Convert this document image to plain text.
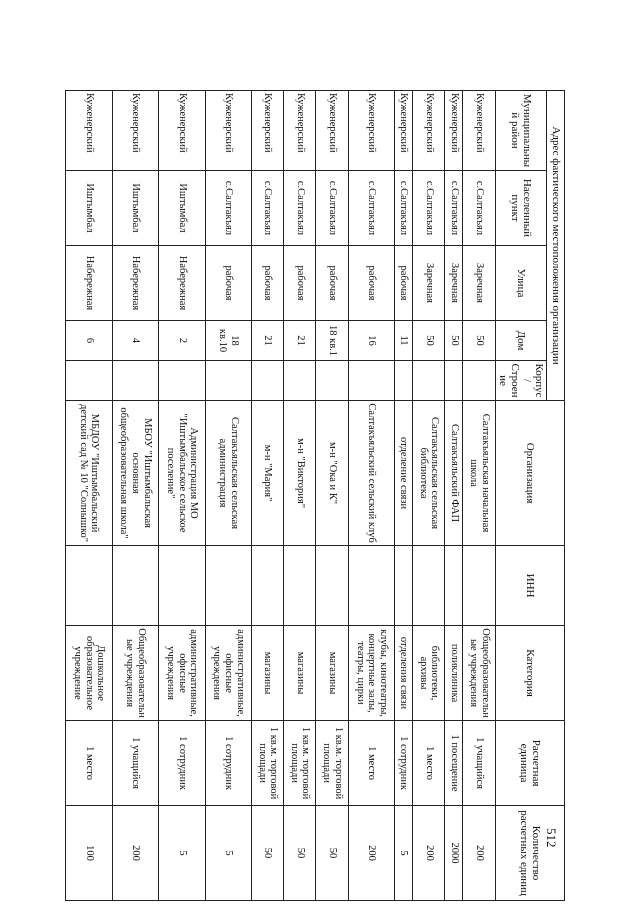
512
Адрес фактического местоположения организации					Организация	ИНН	Категория	Расчетная единица	Количество расчетных единиц
Муниципальный район	Населенный пункт	Улица	Дом	Корпус/Строение					
Куженерский	с.Салтакъял	Заречная	50		Салтакъяльская начальная школа		Общеобразовательные учреждения	1 учащийся	200
Куженерский	с.Салтакъял	Заречная	50		Салтакъяльский ФАП		поликлиника	1 посещение	2000
Куженерский	с.Салтакъял	Заречная	50		Салтакъяльская сельская библиотека		библиотеки, архивы	1 место	200
Куженерский	с.Салтакъял	рабочая	11		отделение связи		отделения связи	1 сотрудник	5
Куженерский	с.Салтакъял	рабочая	16		Салтакъяльский сельский клуб		клубы, кинотеатры, концертные залы, театры, цирки	1 место	200
Куженерский	с.Салтакъял	рабочая	18 кв.1		м-н "Ока и К"		магазины	1 кв.м. торговой площади	50
Куженерский	с.Салтакъял	рабочая	21		м-н "Виктория"		магазины	1 кв.м. торговой площади	50
Куженерский	с.Салтакъял	рабочая	21		м-н "Мария"		магазины	1 кв.м. торговой площади	50
Куженерский	с.Салтакъял	рабочая	18 кв.10		Салтакъяльская сельская администрация		административные, офисные учреждения	1 сотрудник	5
Куженерский	Иштымбал	Набережная	2		Администрация МО "Иштымбальское сельское поселение"		административные, офисные учреждения	1 сотрудник	5
Куженерский	Иштымбал	Набережная	4		МБОУ "Иштымбальская основная общеобразовательная школа"		Общеобразовательные учреждения	1 учащийся	200
Куженерский	Иштымбал	Набережная	6		МБДОУ "Иштымбальский детский сад № 10 "Солнышко"		Дошкольное образовательное учреждение	1 место	100
